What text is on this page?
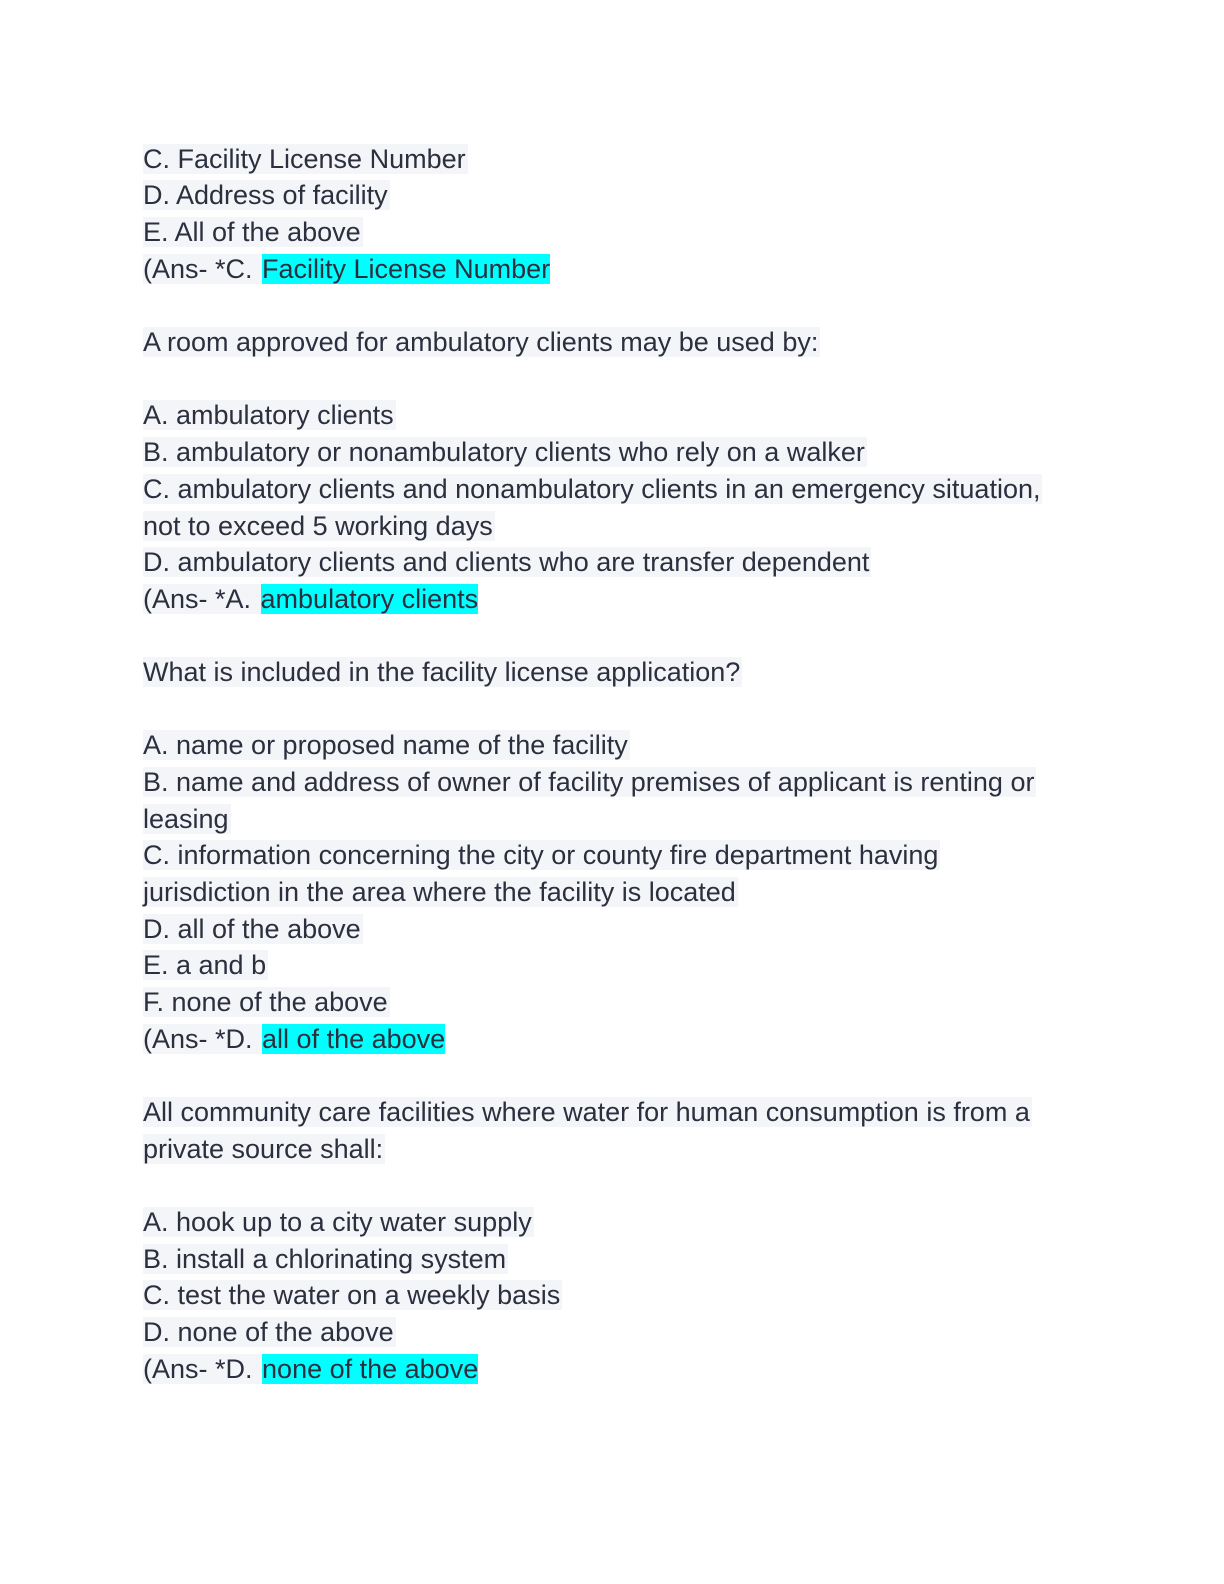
C. Facility License Number
D. Address of facility
E. All of the above
(Ans- *C. Facility License Number
A room approved for ambulatory clients may be used by:
A. ambulatory clients
B. ambulatory or nonambulatory clients who rely on a walker
C. ambulatory clients and nonambulatory clients in an emergency situation,
not to exceed 5 working days
D. ambulatory clients and clients who are transfer dependent
(Ans- *A. ambulatory clients
What is included in the facility license application?
A. name or proposed name of the facility
B. name and address of owner of facility premises of applicant is renting or
leasing
C. information concerning the city or county fire department having
jurisdiction in the area where the facility is located
D. all of the above
E. a and b
F. none of the above
(Ans- *D. all of the above
All community care facilities where water for human consumption is from a
private source shall:
A. hook up to a city water supply
B. install a chlorinating system
C. test the water on a weekly basis
D. none of the above
(Ans- *D. none of the above
